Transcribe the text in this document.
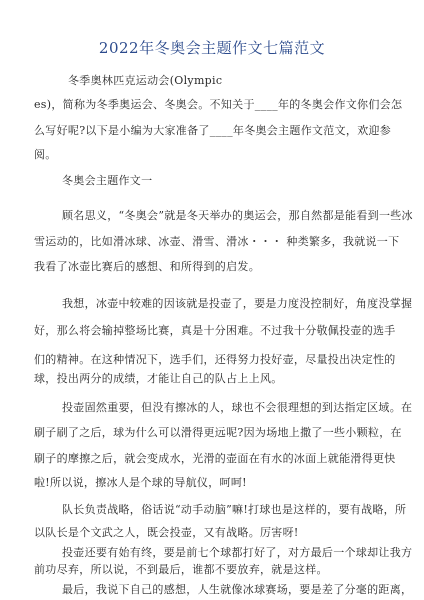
2022年冬奥会主题作文七篇范文
冬季奥林匹克运动会(Olympic
es)，简称为冬季奥运会、冬奥会。不知关于____年的冬奥会作文你们会怎
么写好呢?以下是小编为大家准备了____年冬奥会主题作文范文，欢迎参
阅。
冬奥会主题作文一
顾名思义，“冬奥会”就是冬天举办的奥运会，那自然都是能看到一些冰
雪运动的，比如滑冰球、冰壶、滑雪、滑冰・・・ 种类繁多，我就说一下
我看了冰壶比赛后的感想、和所得到的启发。
我想，冰壶中较难的因该就是投壶了，要是力度没控制好，角度没掌握
好，那么将会输掉整场比赛，真是十分困难。不过我十分敬佩投壶的选手
们的精神。在这种情况下，选手们，还得努力投好壶，尽量投出决定性的
球，投出两分的成绩，才能让自己的队占上上风。
投壶固然重要，但没有擦冰的人，球也不会很理想的到达指定区域。在
刷子刷了之后，球为什么可以滑得更远呢?因为场地上撒了一些小颗粒，在
刷子的摩擦之后，就会变成水，光滑的壶面在有水的冰面上就能滑得更快
啦!所以说，擦冰人是个球的导航仪，呵呵!
队长负责战略，俗话说“动手动脑”嘛!打球也是这样的，要有战略，所
以队长是个文武之人，既会投壶，又有战略。厉害呀!
投壶还要有始有终，要是前七个球都打好了，对方最后一个球却让我方
前功尽弃，所以说，不到最后，谁都不要放弃，就是这样。
最后，我说下自己的感想，人生就像冰球赛场，要是差了分毫的距离，
